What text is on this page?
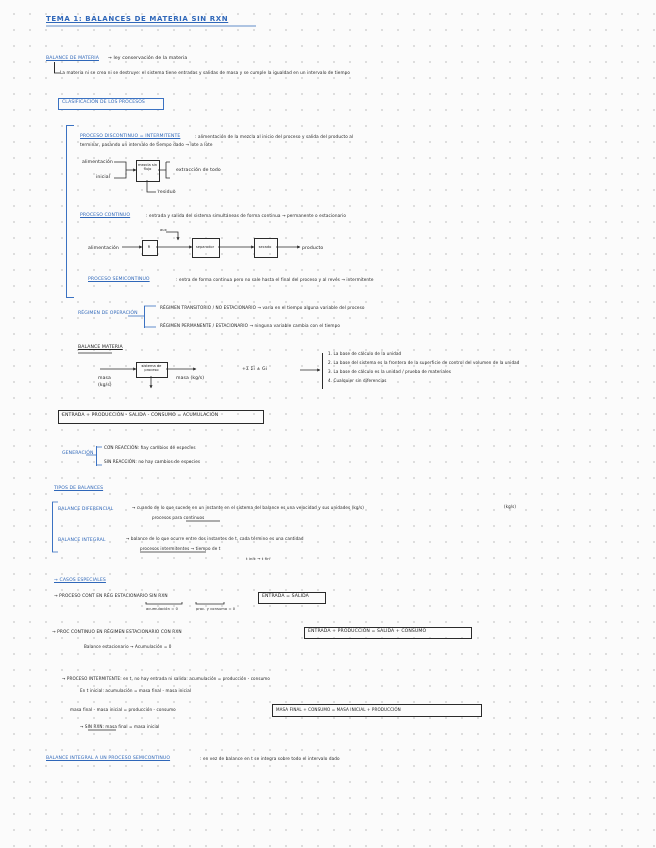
TEMA 1: BALANCES DE MATERIA SIN RXN
BALANCE DE MATERIA → ley conservación de la materia
La materia ni se crea ni se destruye: el sistema tiene entradas y salidas de masa y se cumple la igualdad en un intervalo de tiempo
CLASIFICACIÓN DE LOS PROCESOS
PROCESO DISCONTINUO = INTERMITENTE	: alimentación de la mezcla al inicio del proceso y salida del producto al
terminar, pasando un intervalo de tiempo dado → lote a lote
alimentación
inicial
mezcla sin flujo	extracción de todo
residuo
PROCESO CONTINUO	: entrada y salida del sistema simultáneas de forma continua → permanente o estacionario
alimentación	R
aux
separador	secado	producto
PROCESO SEMICONTINUO	: entra de forma continua pero no sale hasta el final del proceso y al revés → intermitente
RÉGIMEN DE OPERACIÓN
RÉGIMEN TRANSITORIO / NO ESTACIONARIO → varía en el tiempo alguna variable del proceso
RÉGIMEN PERMANENTE / ESTACIONARIO → ninguna variable cambia con el tiempo
BALANCE MATERIA
sistema de proceso
masa
(kg/s)
masa (kg/s)
+Σ Σi ± Gi
1. La base de cálculo de la unidad
2. La base del sistema es la frontera de la superficie de control del volumen de la unidad
3. La base de cálculo es la unidad / prueba de materiales
4. Cualquier sin diferencias
ENTRADA + PRODUCCIÓN - SALIDA - CONSUMO = ACUMULACIÓN
GENERACIÓN
CON REACCIÓN: hay cambios de especies
SIN REACCIÓN: no hay cambios de especies
TIPOS DE BALANCES
BALANCE DIFERENCIAL	→ cuando de lo que sucede en un instante en el sistema del balance es una velocidad y sus unidades (kg/s)
procesos para continuos
(kg/s)
BALANCE INTEGRAL	→ balance de lo que ocurre entre dos instantes de t, cada término es una cantidad
procesos intermitentes → tiempo de t
t inic → t fin
→ CASOS ESPECIALES
→ PROCESO CONT EN RÉG ESTACIONARIO SIN RXN
acumulación = 0	proc. y consumo = 0
ENTRADA = SALIDA
→ PROC CONTINUO EN RÉGIMEN ESTACIONARIO CON RXN	ENTRADA + PRODUCCIÓN = SALIDA + CONSUMO
Balance estacionario → Acumulación = 0
→ PROCESO INTERMITENTE: en t, no hay entrada ni salida: acumulación = producción - consumo
En t inicial: acumulación = masa final - masa inicial
masa final - masa inicial = producción - consumo	MASA FINAL + CONSUMO = MASA INICIAL + PRODUCCIÓN
→ SIN RXN: masa final = masa inicial
BALANCE INTEGRAL A UN PROCESO SEMICONTINUO	: en vez de balance en t se integra sobre todo el intervalo dado
